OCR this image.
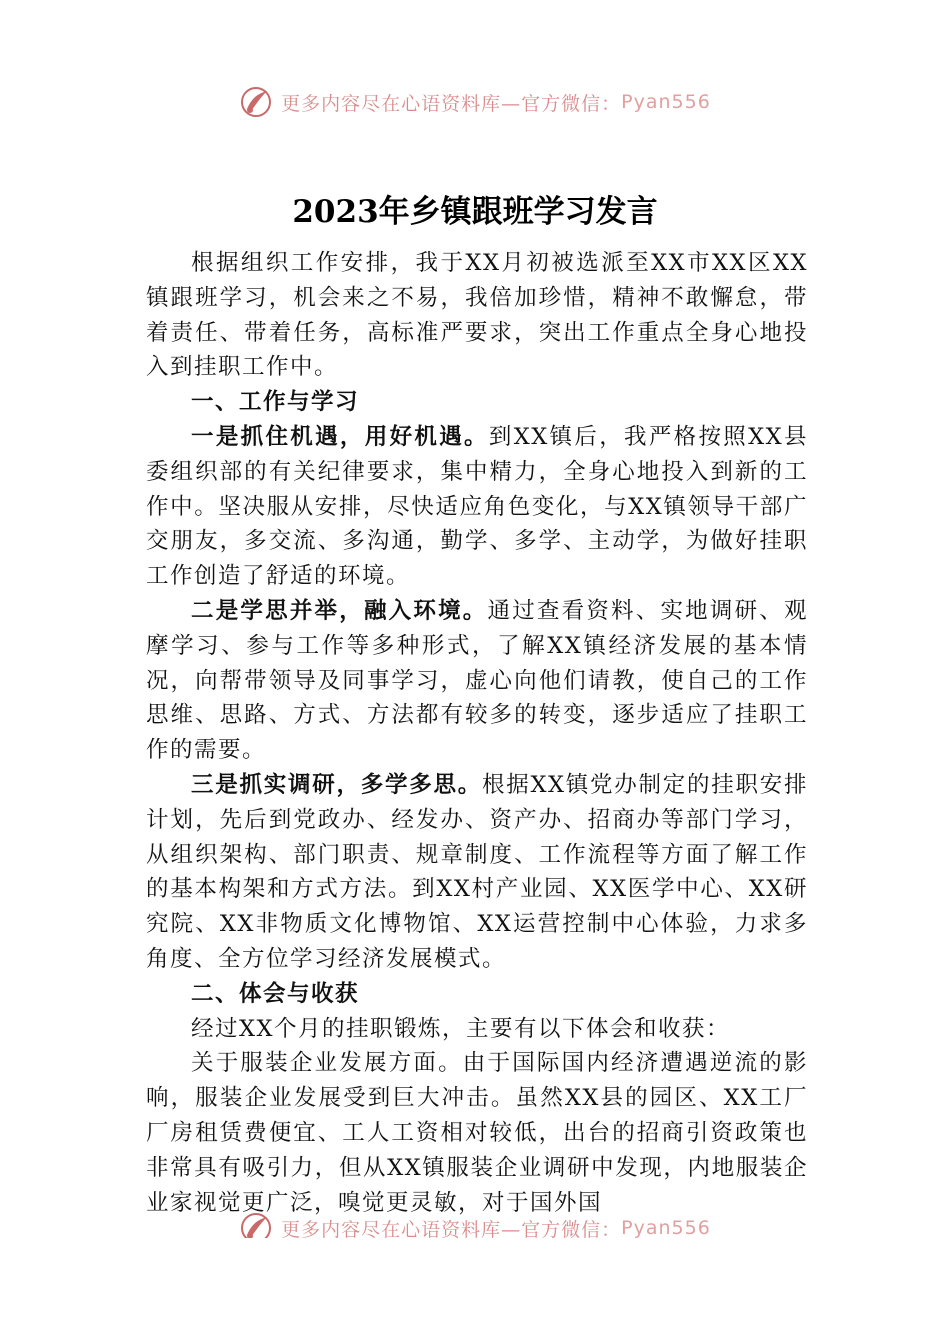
更多内容尽在心语资料库—官方微信： Pyan556
2023年乡镇跟班学习发言

根据组织工作安排，我于XX月初被选派至XX市XX区XX镇跟班学习，机会来之不易，我倍加珍惜，精神不敢懈怠，带着责任、带着任务，高标准严要求，突出工作重点全身心地投入到挂职工作中。

一、工作与学习

一是抓住机遇，用好机遇。到XX镇后，我严格按照XX县委组织部的有关纪律要求，集中精力，全身心地投入到新的工作中。坚决服从安排，尽快适应角色变化，与XX镇领导干部广交朋友，多交流、多沟通，勤学、多学、主动学，为做好挂职工作创造了舒适的环境。

二是学思并举，融入环境。通过查看资料、实地调研、观摩学习、参与工作等多种形式，了解XX镇经济发展的基本情况，向帮带领导及同事学习，虚心向他们请教，使自己的工作思维、思路、方式、方法都有较多的转变，逐步适应了挂职工作的需要。

三是抓实调研，多学多思。根据XX镇党办制定的挂职安排计划，先后到党政办、经发办、资产办、招商办等部门学习，从组织架构、部门职责、规章制度、工作流程等方面了解工作的基本构架和方式方法。到XX村产业园、XX医学中心、XX研究院、XX非物质文化博物馆、XX运营控制中心体验，力求多角度、全方位学习经济发展模式。

二、体会与收获

经过XX个月的挂职锻炼，主要有以下体会和收获：

关于服装企业发展方面。由于国际国内经济遭遇逆流的影响，服装企业发展受到巨大冲击。虽然XX县的园区、XX工厂厂房租赁费便宜、工人工资相对较低，出台的招商引资政策也非常具有吸引力，但从XX镇服装企业调研中发现，内地服装企业家视觉更广泛，嗅觉更灵敏，对于国外国

更多内容尽在心语资料库—官方微信： Pyan556
